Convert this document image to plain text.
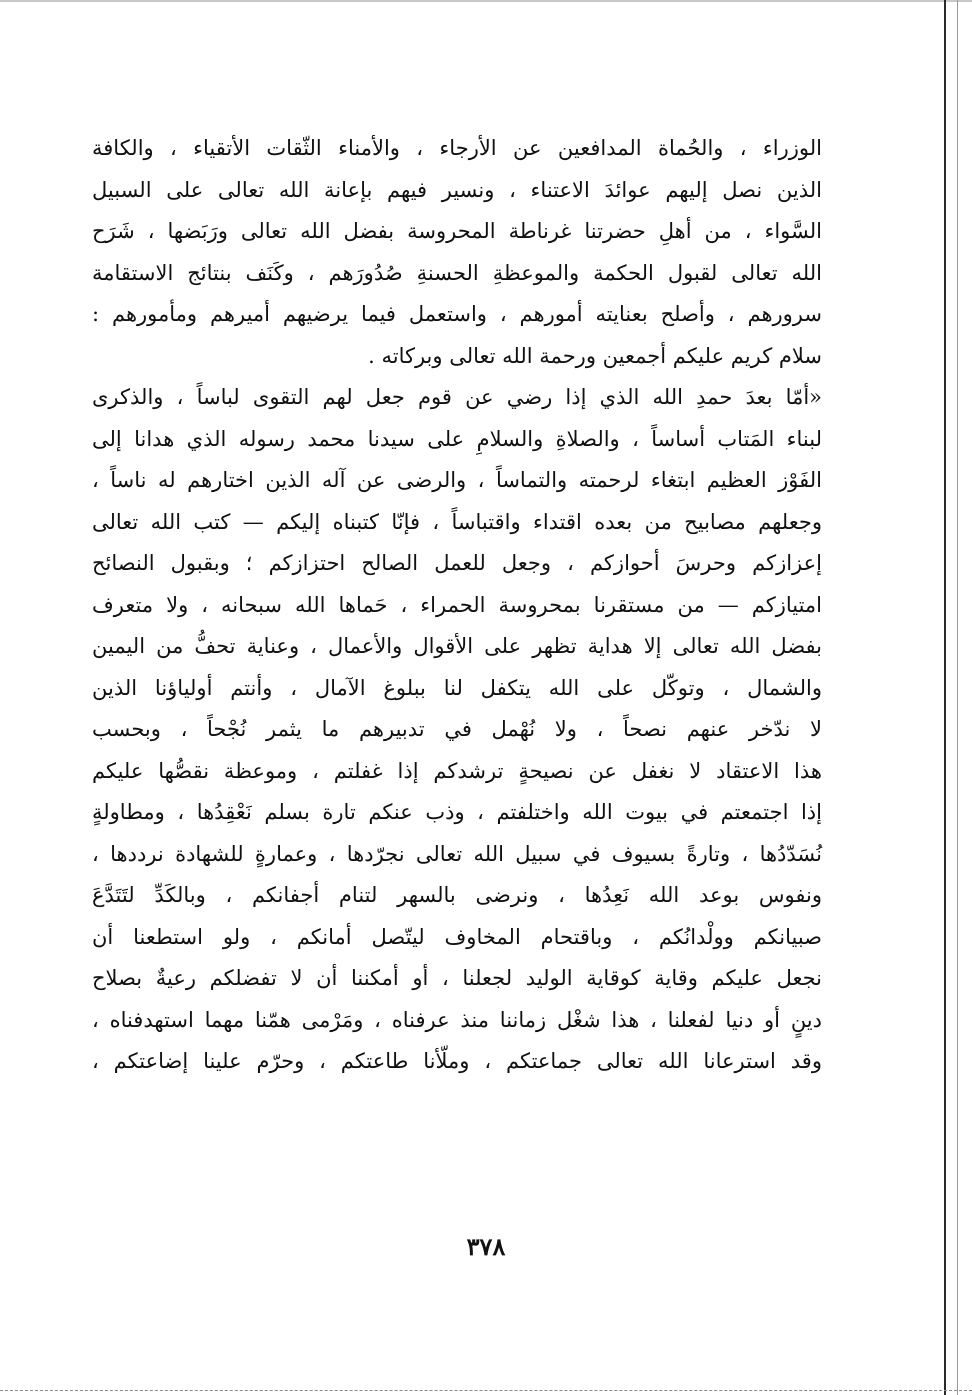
الوزراء ، والحُماة المدافعين عن الأرجاء ، والأمناء الثّقات الأتقياء ، والكافة
الذين نصل إليهم عوائدَ الاعتناء ، ونسير فيهم بإعانة الله تعالى على السبيل
السَّواء ، من أهلِ حضرتنا غرناطة المحروسة بفضل الله تعالى ورَبَضها ، شَرَح
الله تعالى لقبول الحكمة والموعظةِ الحسنةِ صُدُورَهم ، وكَنَف بنتائج الاستقامة
سرورهم ، وأصلح بعنايته أمورهم ، واستعمل فيما يرضيهم أميرهم ومأمورهم :
سلام كريم عليكم أجمعين ورحمة الله تعالى وبركاته .
«أمّا بعدَ حمدِ الله الذي إذا رضي عن قوم جعل لهم التقوى لباساً ، والذكرى
لبناء المَتاب أساساً ، والصلاةِ والسلامِ على سيدنا محمد رسوله الذي هدانا إلى
الفَوْز العظيم ابتغاء لرحمته والتماساً ، والرضى عن آله الذين اختارهم له ناساً ،
وجعلهم مصابيح من بعده اقتداء واقتباساً ، فإنّا كتبناه إليكم — كتب الله تعالى
إعزازكم وحرسَ أحوازكم ، وجعل للعمل الصالح احتزازكم ؛ وبقبول النصائح
امتيازكم — من مستقرنا بمحروسة الحمراء ، حَماها الله سبحانه ، ولا متعرف
بفضل الله تعالى إلا هداية تظهر على الأقوال والأعمال ، وعناية تحفُّ من اليمين
والشمال ، وتوكّل على الله يتكفل لنا ببلوغ الآمال ، وأنتم أولياؤنا الذين
لا ندّخر عنهم نصحاً ، ولا نُهْمل في تدبيرهم ما يثمر نُجْحاً ، وبحسب
هذا الاعتقاد لا نغفل عن نصيحةٍ ترشدكم إذا غفلتم ، وموعظة نقصُّها عليكم
إذا اجتمعتم في بيوت الله واختلفتم ، وذب عنكم تارة بسلم نَعْقِدُها ، ومطاولةٍ
نُسَدّدُها ، وتارةً بسيوف في سبيل الله تعالى نجرّدها ، وعمارةٍ للشهادة نرددها ،
ونفوس بوعد الله نَعِدُها ، ونرضى بالسهر لتنام أجفانكم ، وبالكَدِّ لتَتَدَّعَ
صبيانكم وولْدانُكم ، وباقتحام المخاوف ليتّصل أمانكم ، ولو استطعنا أن
نجعل عليكم وقاية كوقاية الوليد لجعلنا ، أو أمكننا أن لا تفضلكم رعيةٌ بصلاح
دينٍ أو دنيا لفعلنا ، هذا شغْل زماننا منذ عرفناه ، ومَرْمى همّنا مهما استهدفناه ،
وقد استرعانا الله تعالى جماعتكم ، وملّأنا طاعتكم ، وحرّم علينا إضاعتكم ،
٣٧٨
